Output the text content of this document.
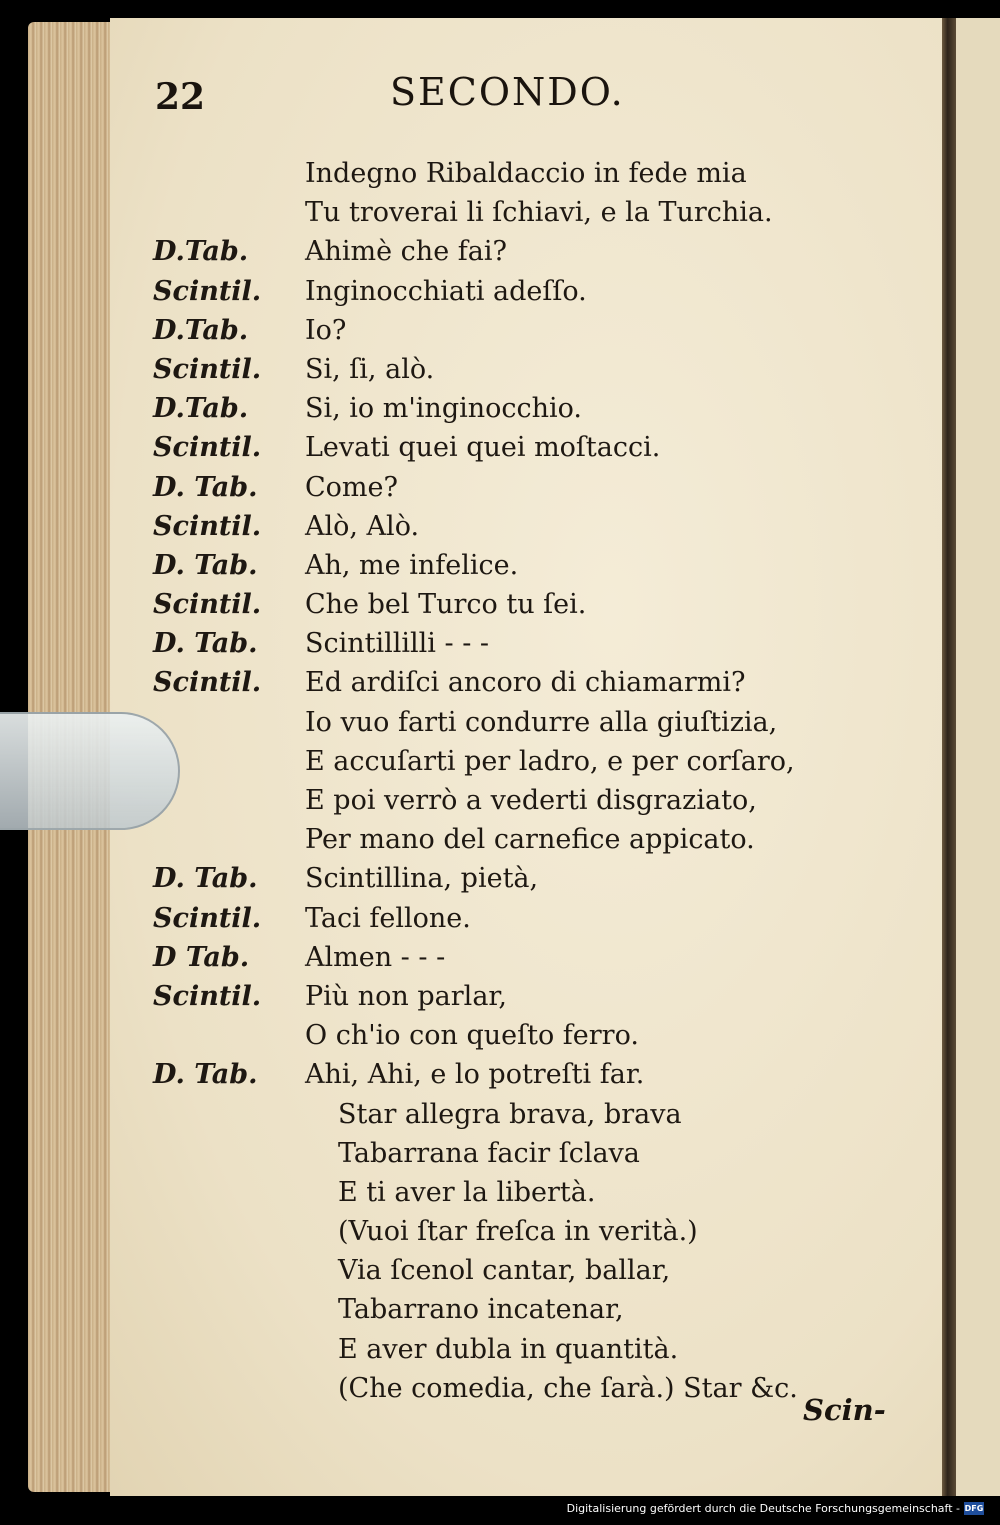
22	SECONDO.
Indegno Ribaldaccio in fede mia
Tu troverai li ſchiavi, e la Turchia.
D.Tab. Ahimè che fai?
Scintil. Inginocchiati adeſſo.
D.Tab. Io?
Scintil. Si, ſi, alò.
D.Tab. Si, io m'inginocchio.
Scintil. Levati quei quei moſtacci.
D. Tab. Come?
Scintil. Alò, Alò.
D. Tab. Ah, me infelice.
Scintil. Che bel Turco tu ſei.
D. Tab. Scintillilli - - -
Scintil. Ed ardiſci ancoro di chiamarmi?
Io vuo farti condurre alla giuſtizia,
E accuſarti per ladro, e per corſaro,
E poi verrò a vederti disgraziato,
Per mano del carnefice appicato.
D. Tab. Scintillina, pietà,
Scintil. Taci fellone.
D Tab. Almen - - -
Scintil. Più non parlar,
O ch'io con queſto ferro.
D. Tab. Ahi, Ahi, e lo potreſti far.
Star allegra brava, brava
Tabarrana facir ſclava
E ti aver la libertà.
(Vuoi ſtar freſca in verità.)
Via ſcenol cantar, ballar,
Tabarrano incatenar,
E aver dubla in quantità.
(Che comedia, che ſarà.) Star &c.
Scin-
Digitalisierung gefördert durch die Deutsche Forschungsgemeinschaft - DFG
